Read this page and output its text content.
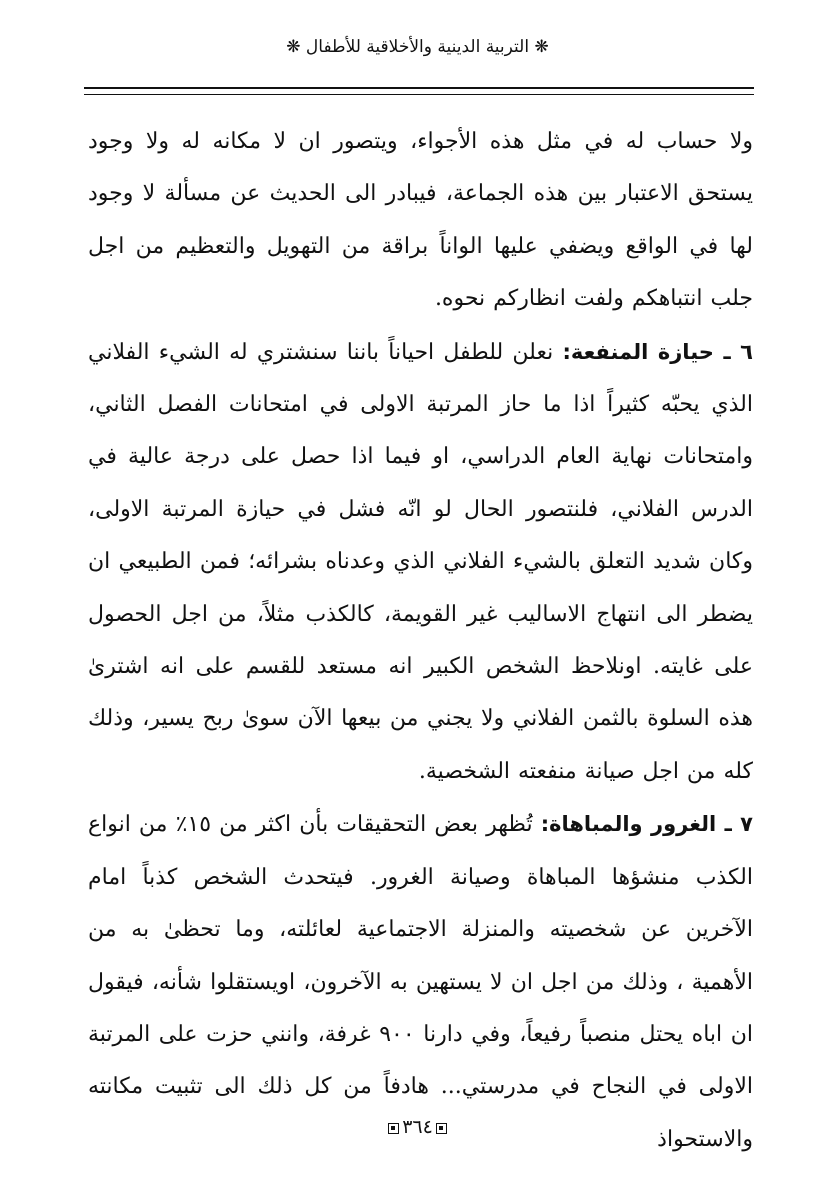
❋ التربية الدينية والأخلاقية للأطفال ❋

ولا حساب له في مثل هذه الأجواء، ويتصور ان لا مكانه له ولا وجود يستحق الاعتبار بين هذه الجماعة، فيبادر الى الحديث عن مسألة لا وجود لها في الواقع ويضفي عليها الواناً براقة من التهويل والتعظيم من اجل جلب انتباهكم ولفت انظاركم نحوه.

٦ ـ حيازة المنفعة: نعلن للطفل احياناً باننا سنشتري له الشيء الفلاني الذي يحبّه كثيراً اذا ما حاز المرتبة الاولى في امتحانات الفصل الثاني، وامتحانات نهاية العام الدراسي، او فيما اذا حصل على درجة عالية في الدرس الفلاني، فلنتصور الحال لو انّه فشل في حيازة المرتبة الاولى، وكان شديد التعلق بالشيء الفلاني الذي وعدناه بشرائه؛ فمن الطبيعي ان يضطر الى انتهاج الاساليب غير القويمة، كالكذب مثلاً، من اجل الحصول على غايته. اونلاحظ الشخص الكبير انه مستعد للقسم على انه اشترىٰ هذه السلوة بالثمن الفلاني ولا يجني من بيعها الآن سوىٰ ربح يسير، وذلك كله من اجل صيانة منفعته الشخصية.

٧ ـ الغرور والمباهاة: تُظهر بعض التحقيقات بأن اكثر من ١٥٪ من انواع الكذب منشؤها المباهاة وصيانة الغرور. فيتحدث الشخص كذباً امام الآخرين عن شخصيته والمنزلة الاجتماعية لعائلته، وما تحظىٰ به من الأهمية ، وذلك من اجل ان لا يستهين به الآخرون، اويستقلوا شأنه، فيقول ان اباه يحتل منصباً رفيعاً، وفي دارنا ٩٠٠ غرفة، وانني حزت على المرتبة الاولى في النجاح في مدرستي... هادفاً من كل ذلك الى تثبيت مكانته والاستحواذ

٣٦٤
